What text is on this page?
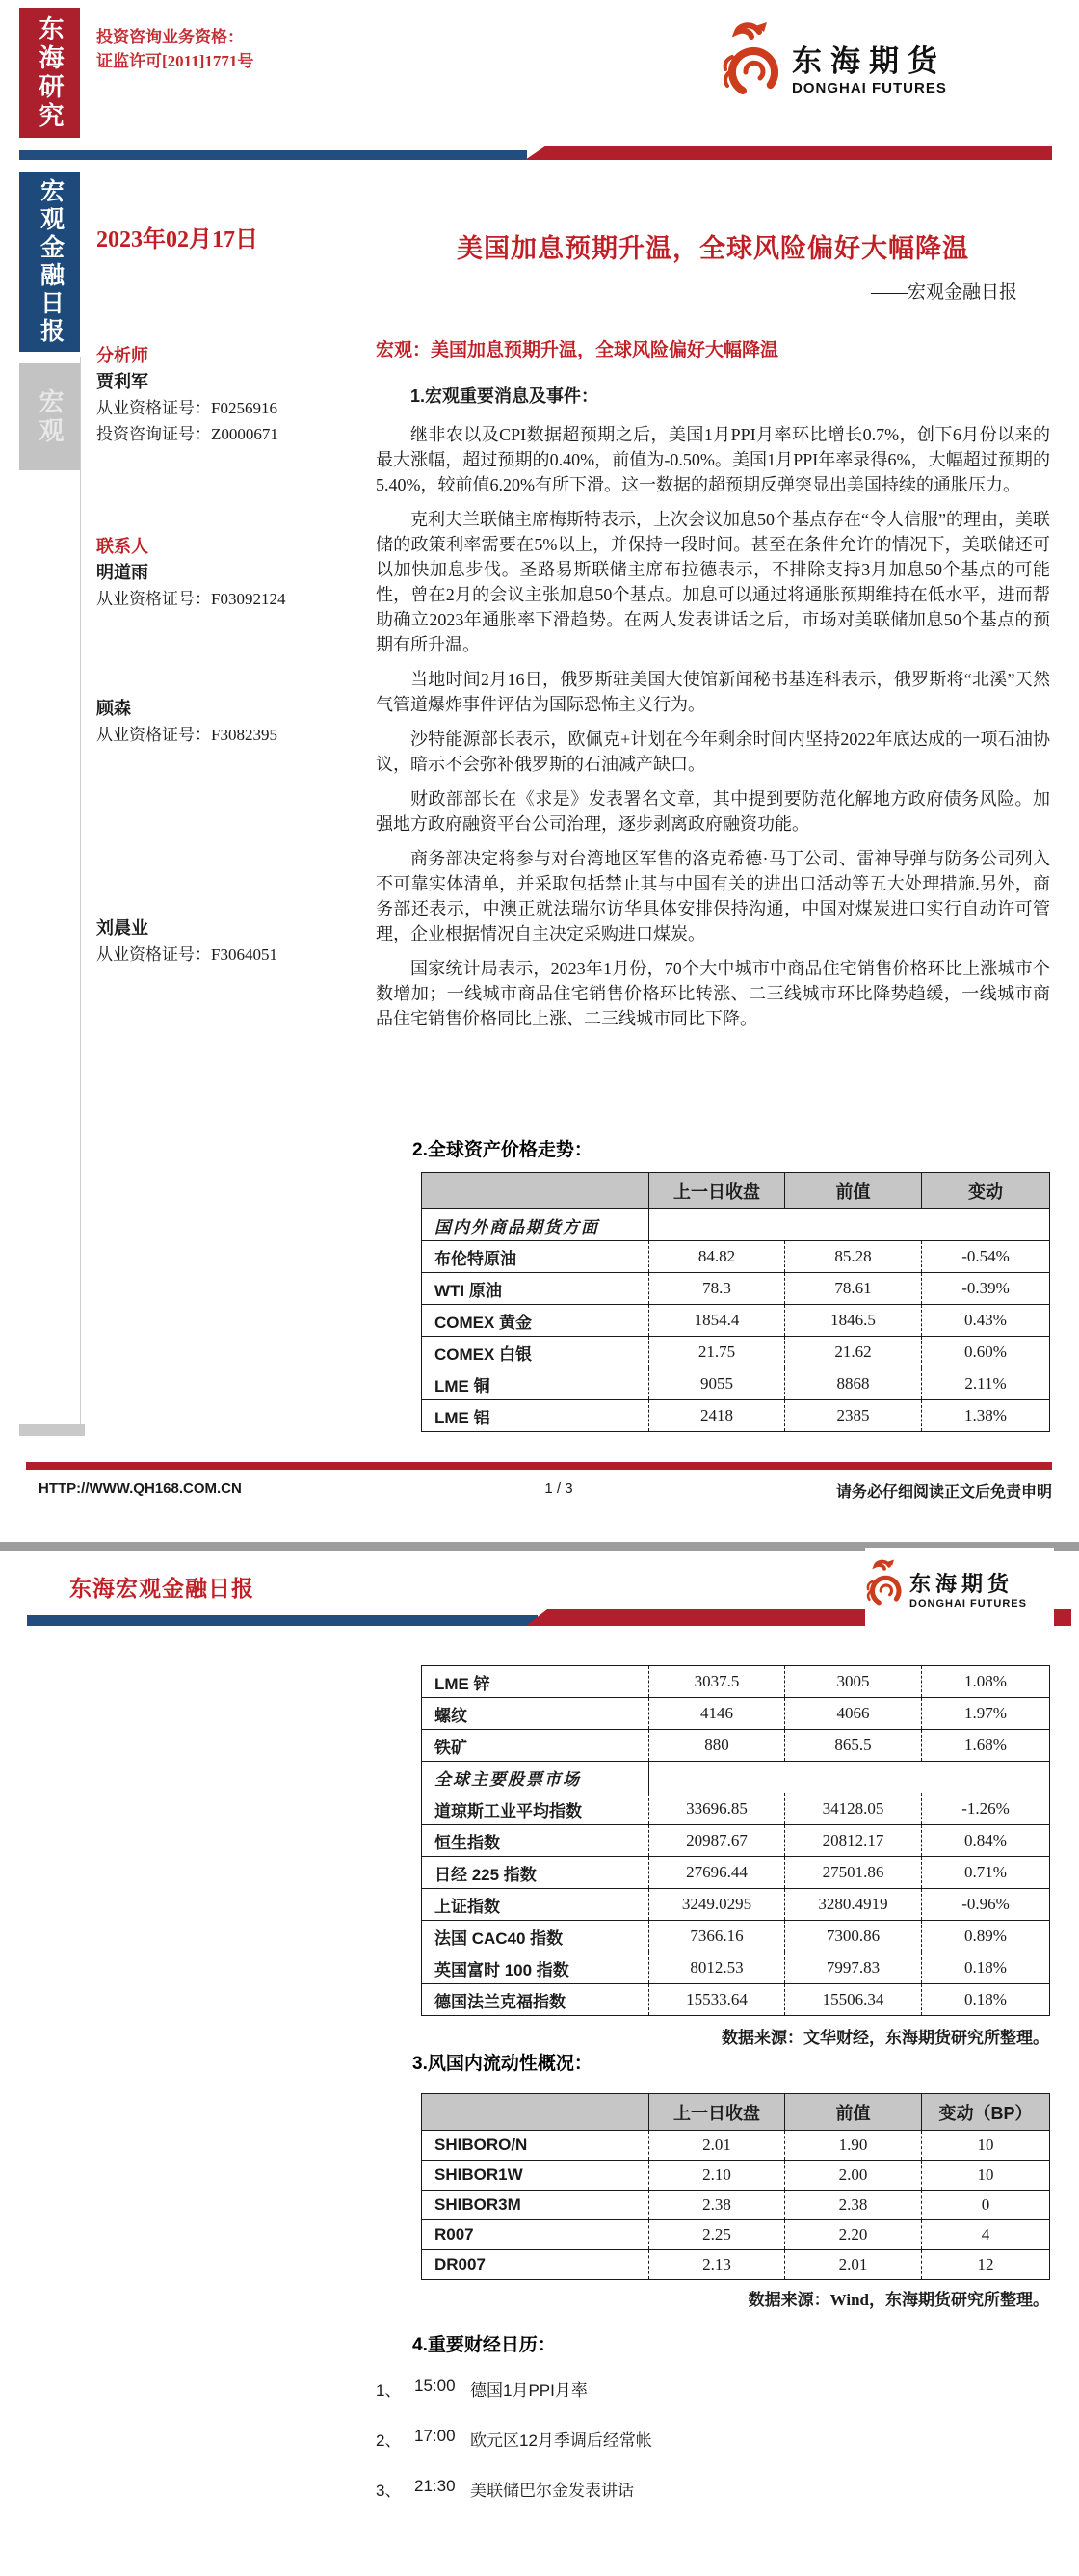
东海研究 投资咨询业务资格：
证监许可[2011]1771号	东海期货
DONGHAI FUTURES
宏观金融日报
宏观
2023年02月17日	美国加息预期升温，全球风险偏好大幅降温
——宏观金融日报
宏观：美国加息预期升温，全球风险偏好大幅降温
分析师
贾利军
从业资格证号：F0256916
投资咨询证号：Z0000671
联系人
明道雨
从业资格证号：F03092124
顾森
从业资格证号：F3082395
刘晨业
从业资格证号：F3064051
1.宏观重要消息及事件：

继非农以及CPI数据超预期之后，美国1月PPI月率环比增长0.7%，创下6月份以来的最大涨幅，超过预期的0.40%，前值为-0.50%。美国1月PPI年率录得6%，大幅超过预期的5.40%，较前值6.20%有所下滑。这一数据的超预期反弹突显出美国持续的通胀压力。

克利夫兰联储主席梅斯特表示，上次会议加息50个基点存在“令人信服”的理由，美联储的政策利率需要在5%以上，并保持一段时间。甚至在条件允许的情况下，美联储还可以加快加息步伐。圣路易斯联储主席布拉德表示，不排除支持3月加息50个基点的可能性，曾在2月的会议主张加息50个基点。加息可以通过将通胀预期维持在低水平，进而帮助确立2023年通胀率下滑趋势。在两人发表讲话之后，市场对美联储加息50个基点的预期有所升温。

当地时间2月16日，俄罗斯驻美国大使馆新闻秘书基连科表示，俄罗斯将“北溪”天然气管道爆炸事件评估为国际恐怖主义行为。

沙特能源部长表示，欧佩克+计划在今年剩余时间内坚持2022年底达成的一项石油协议，暗示不会弥补俄罗斯的石油减产缺口。

财政部部长在《求是》发表署名文章，其中提到要防范化解地方政府债务风险。加强地方政府融资平台公司治理，逐步剥离政府融资功能。

商务部决定将参与对台湾地区军售的洛克希德·马丁公司、雷神导弹与防务公司列入不可靠实体清单，并采取包括禁止其与中国有关的进出口活动等五大处理措施.另外，商务部还表示，中澳正就法瑞尔访华具体安排保持沟通，中国对煤炭进口实行自动许可管理，企业根据情况自主决定采购进口煤炭。

国家统计局表示，2023年1月份，70个大中城市中商品住宅销售价格环比上涨城市个数增加；一线城市商品住宅销售价格环比转涨、二三线城市环比降势趋缓，一线城市商品住宅销售价格同比上涨、二三线城市同比下降。

2.全球资产价格走势：
	上一日收盘	前值	变动
国内外商品期货方面			
布伦特原油	84.82	85.28	-0.54%
WTI 原油	78.3	78.61	-0.39%
COMEX 黄金	1854.4	1846.5	0.43%
COMEX 白银	21.75	21.62	0.60%
LME 铜	9055	8868	2.11%
LME 铝	2418	2385	1.38%
HTTP://WWW.QH168.COM.CN	1 / 3	请务必仔细阅读正文后免责申明
东海宏观金融日报	东海期货
DONGHAI FUTURES
LME 锌	3037.5	3005	1.08%
螺纹	4146	4066	1.97%
铁矿	880	865.5	1.68%
全球主要股票市场			
道琼斯工业平均指数	33696.85	34128.05	-1.26%
恒生指数	20987.67	20812.17	0.84%
日经 225 指数	27696.44	27501.86	0.71%
上证指数	3249.0295	3280.4919	-0.96%
法国 CAC40 指数	7366.16	7300.86	0.89%
英国富时 100 指数	8012.53	7997.83	0.18%
德国法兰克福指数	15533.64	15506.34	0.18%
数据来源：文华财经，东海期货研究所整理。
3.风国内流动性概况：
	上一日收盘	前值	变动（BP）
SHIBORO/N	2.01	1.90	10
SHIBOR1W	2.10	2.00	10
SHIBOR3M	2.38	2.38	0
R007	2.25	2.20	4
DR007	2.13	2.01	12
数据来源：Wind，东海期货研究所整理。
4.重要财经日历：
1、 15:00 德国1月PPI月率
2、 17:00 欧元区12月季调后经常帐
3、 21:30 美联储巴尔金发表讲话
